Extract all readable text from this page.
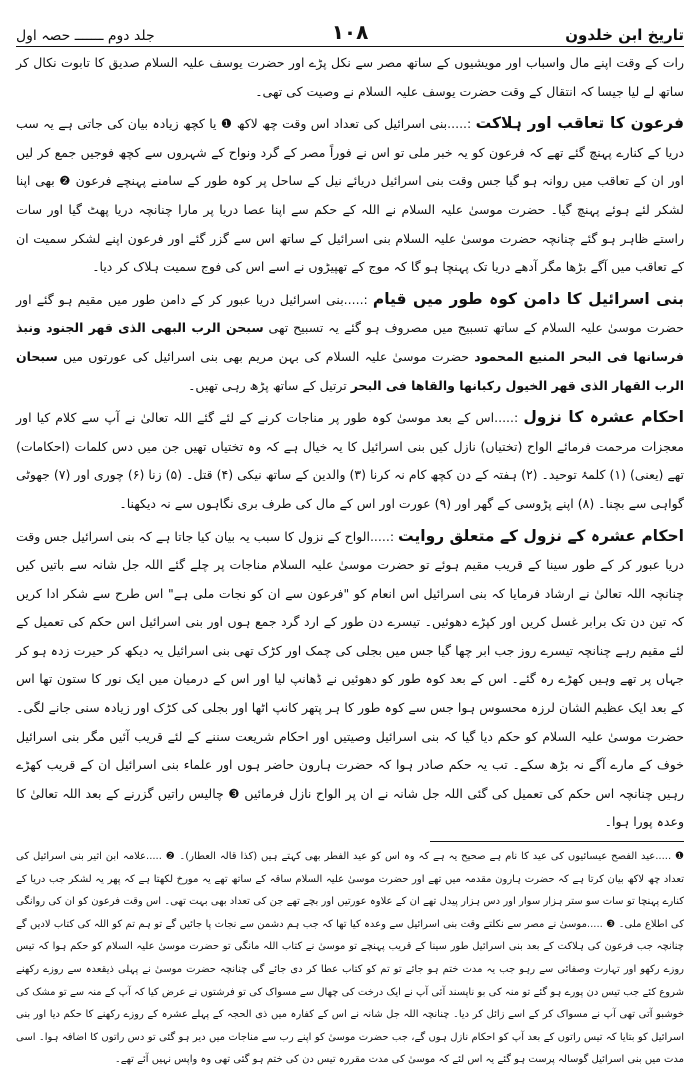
تاریخ ابن خلدون
۱۰۸
جلد دوم ـــــــ حصہ اول

رات کے وقت اپنے مال واسباب اور مویشیوں کے ساتھ مصر سے نکل پڑے اور حضرت یوسف علیہ السلام صدیق کا تابوت نکال کر ساتھ لے لیا جیسا کہ انتقال کے وقت حضرت یوسف علیہ السلام نے وصیت کی تھی۔

فرعون کا تعاقب اور ہلاکت :.....بنی اسرائیل کی تعداد اس وقت چھ لاکھ ❶ یا کچھ زیادہ بیان کی جاتی ہے یہ سب دریا کے کنارے پہنچ گئے تھے کہ فرعون کو یہ خبر ملی تو اس نے فوراً مصر کے گرد ونواح کے شہروں سے کچھ فوجیں جمع کر لیں اور ان کے تعاقب میں روانہ ہو گیا جس وقت بنی اسرائیل دریائے نیل کے ساحل پر کوہ طور کے سامنے پہنچے فرعون ❷ بھی اپنا لشکر لئے ہوئے پہنچ گیا۔ حضرت موسیٰ علیہ السلام نے اللہ کے حکم سے اپنا عصا دریا پر مارا چنانچہ دریا پھٹ گیا اور سات راستے ظاہر ہو گئے چنانچہ حضرت موسیٰ علیہ السلام بنی اسرائیل کے ساتھ اس سے گزر گئے اور فرعون اپنے لشکر سمیت ان کے تعاقب میں آگے بڑھا مگر آدھے دریا تک پہنچا ہو گا کہ موج کے تھپیڑوں نے اسے اس کی فوج سمیت ہلاک کر دیا۔

بنی اسرائیل کا دامن کوہ طور میں قیام :.....بنی اسرائیل دریا عبور کر کے دامن طور میں مقیم ہو گئے اور حضرت موسیٰ علیہ السلام کے ساتھ تسبیح میں مصروف ہو گئے یہ تسبیح تھی سبحن الرب البھی الذی قھر الجنود ونبذ فرسانھا فی البحر المنیع المحمود حضرت موسیٰ علیہ السلام کی بہن مریم بھی بنی اسرائیل کی عورتوں میں سبحان الرب القھار الذی قھر الخیول رکبانھا والقاھا فی البحر ترتیل کے ساتھ پڑھ رہی تھیں۔

احکام عشرہ کا نزول :.....اس کے بعد موسیٰ کوہ طور پر مناجات کرنے کے لئے گئے اللہ تعالیٰ نے آپ سے کلام کیا اور معجزات مرحمت فرمائے الواح (تختیاں) نازل کیں بنی اسرائیل کا یہ خیال ہے کہ وہ تختیاں تھیں جن میں دس کلمات (احکامات) تھے (یعنی) (۱) کلمۂ توحید۔ (۲) ہفتہ کے دن کچھ کام نہ کرنا (۳) والدین کے ساتھ نیکی (۴) قتل۔ (۵) زنا (۶) چوری اور (۷) جھوٹی گواہی سے بچنا۔ (۸) اپنے پڑوسی کے گھر اور (۹) عورت اور اس کے مال کی طرف بری نگاہوں سے نہ دیکھنا۔

احکام عشرہ کے نزول کے متعلق روایت :.....الواح کے نزول کا سبب یہ بیان کیا جاتا ہے کہ بنی اسرائیل جس وقت دریا عبور کر کے طور سینا کے قریب مقیم ہوئے تو حضرت موسیٰ علیہ السلام مناجات پر چلے گئے اللہ جل شانہ سے باتیں کیں چنانچہ اللہ تعالیٰ نے ارشاد فرمایا کہ بنی اسرائیل اس انعام کو "فرعون سے ان کو نجات ملی ہے" اس طرح سے شکر ادا کریں کہ تین دن تک برابر غسل کریں اور کپڑے دھوئیں۔ تیسرے دن طور کے ارد گرد جمع ہوں اور بنی اسرائیل اس حکم کی تعمیل کے لئے مقیم رہے چنانچہ تیسرے روز جب ابر چھا گیا جس میں بجلی کی چمک اور کڑک تھی بنی اسرائیل یہ دیکھ کر حیرت زدہ ہو کر جہاں پر تھے وہیں کھڑے رہ گئے۔ اس کے بعد کوہ طور کو دھوئیں نے ڈھانپ لیا اور اس کے درمیان میں ایک نور کا ستون تھا اس کے بعد ایک عظیم الشان لرزہ محسوس ہوا جس سے کوہ طور کا ہر پتھر کانپ اٹھا اور بجلی کی کڑک اور زیادہ سنی جانے لگی۔ حضرت موسیٰ علیہ السلام کو حکم دیا گیا کہ بنی اسرائیل وصیتیں اور احکام شریعت سننے کے لئے قریب آئیں مگر بنی اسرائیل خوف کے مارے آگے نہ بڑھ سکے۔ تب یہ حکم صادر ہوا کہ حضرت ہارون حاضر ہوں اور علماء بنی اسرائیل ان کے قریب کھڑے رہیں چنانچہ اس حکم کی تعمیل کی گئی اللہ جل شانہ نے ان پر الواح نازل فرمائیں ❸ چالیس راتیں گزرنے کے بعد اللہ تعالیٰ کا وعدہ پورا ہوا۔

❶ .....عید الفصح عیسائیوں کی عید کا نام ہے صحیح یہ ہے کہ وہ اس کو عید الفطر بھی کہتے ہیں (کذا قالہ العطار)۔ ❷ .....علامہ ابن اثیر بنی اسرائیل کی تعداد چھ لاکھ بیان کرتا ہے کہ حضرت ہارون مقدمہ میں تھے اور حضرت موسیٰ علیہ السلام ساقہ کے ساتھ تھے یہ مورخ لکھتا ہے کہ پھر یہ لشکر جب دریا کے کنارے پہنچا تو سات سو ستر ہزار سوار اور دس ہزار پیدل تھے ان کے علاوہ عورتیں اور بچے تھے جن کی تعداد بھی بہت تھی۔ اس وقت فرعون کو ان کی روانگی کی اطلاع ملی۔ ❸ .....موسیٰ نے مصر سے نکلتے وقت بنی اسرائیل سے وعدہ کیا تھا کہ جب ہم دشمن سے نجات پا جائیں گے تو ہم تم کو اللہ کی کتاب لادیں گے چنانچہ جب فرعون کی ہلاکت کے بعد بنی اسرائیل طور سینا کے قریب پہنچے تو موسیٰ نے کتاب اللہ مانگی تو حضرت موسیٰ علیہ السلام کو حکم ہوا کہ تیس روزے رکھو اور تہارت وصفائی سے رہو جب یہ مدت ختم ہو جائے تو تم کو کتاب عطا کر دی جائے گی چنانچہ حضرت موسیٰ نے پہلی ذیقعدہ سے روزے رکھنے شروع کئے جب تیس دن پورے ہو گئے تو منہ کی بو ناپسند آئی آپ نے ایک درخت کی چھال سے مسواک کی تو فرشتوں نے عرض کیا کہ آپ کے منہ سے تو مشک کی خوشبو آتی تھی آپ نے مسواک کر کے اسے زائل کر دیا۔ چنانچہ اللہ جل شانہ نے اس کے کفارہ میں ذی الحجہ کے پہلے عشرہ کے روزے رکھنے کا حکم دیا اور بنی اسرائیل کو بتایا کہ تیس راتوں کے بعد آپ کو احکام نازل ہوں گے، جب حضرت موسیٰ کو اپنے رب سے مناجات میں دیر ہو گئی تو دس راتوں کا اضافہ ہوا۔ اسی مدت میں بنی اسرائیل گوسالہ پرست ہو گئے یہ اس لئے کہ موسیٰ کی مدت مقررہ تیس دن کی ختم ہو گئی تھی وہ واپس نہیں آئے تھے۔
